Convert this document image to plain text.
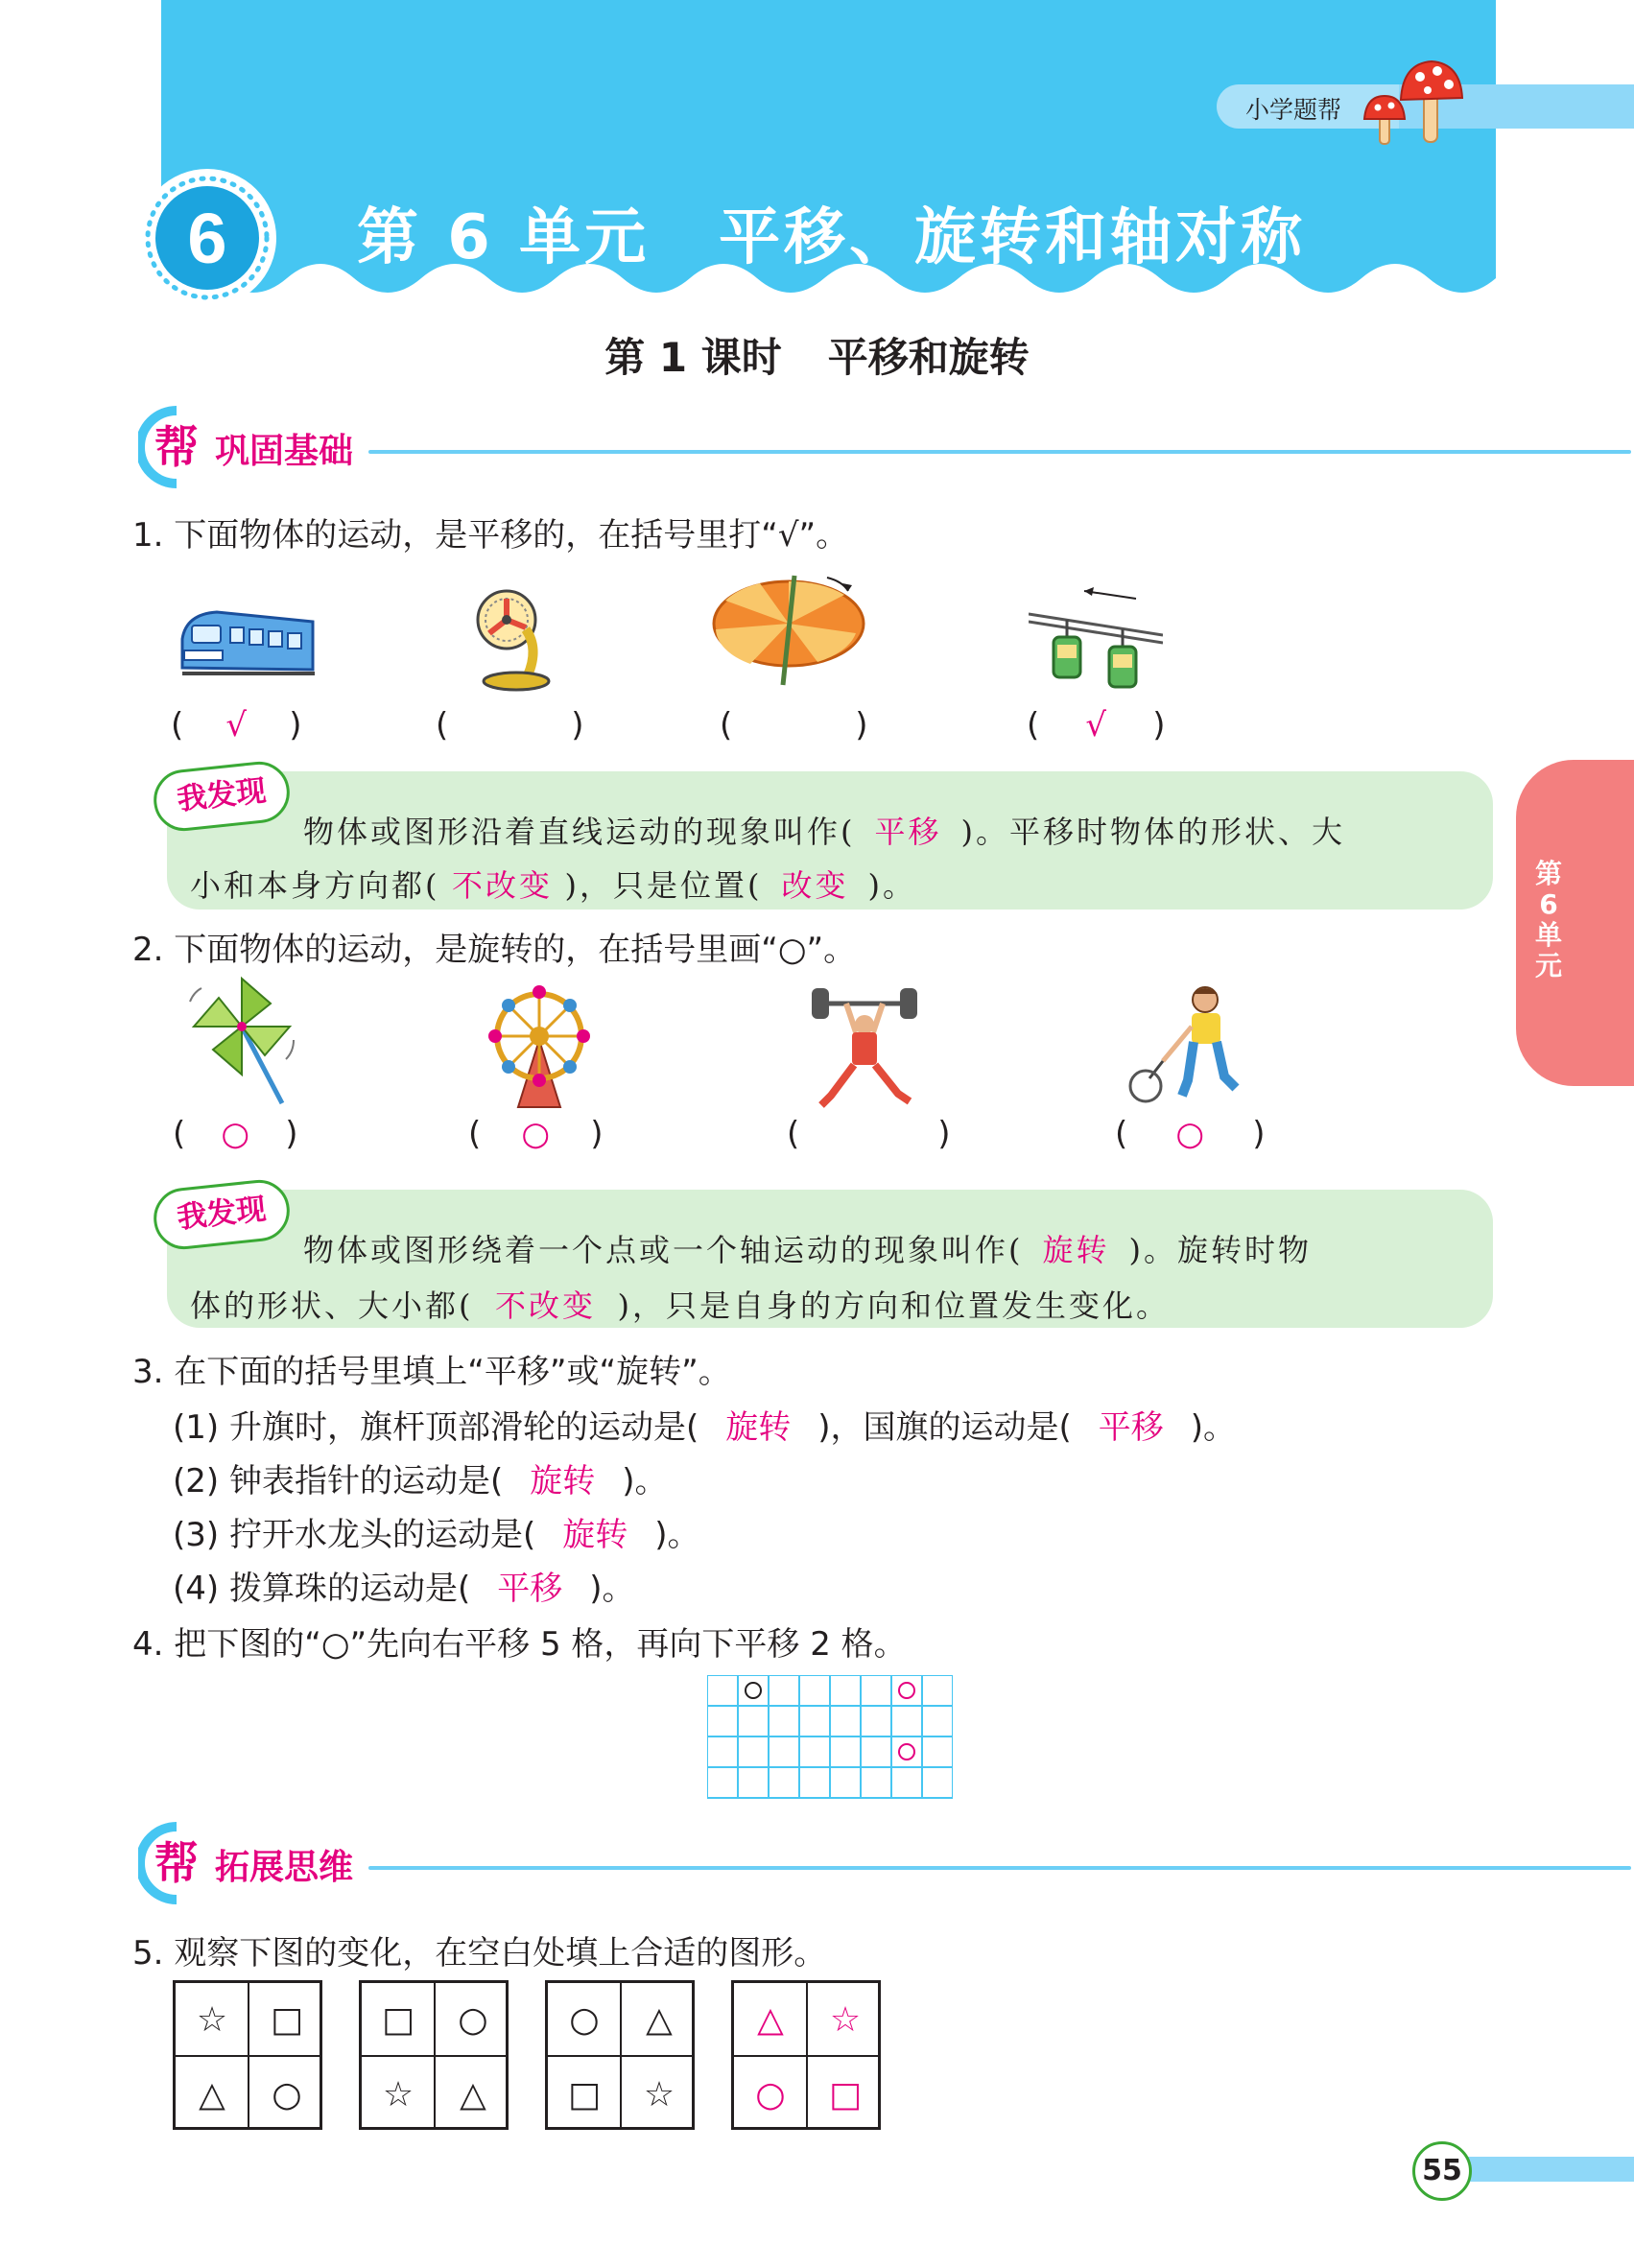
6 第 6 单元 平移、旋转和轴对称
小学题帮
第 1 课时 平移和旋转
帮 巩固基础
1. 下面物体的运动，是平移的，在括号里打“√”。
( √ )	(	)	(	)	( √ )
我发现
物体或图形沿着直线运动的现象叫作( 平移 )。平移时物体的形状、大
小和本身方向都( 不改变 )，只是位置( 改变 )。
2. 下面物体的运动，是旋转的，在括号里画“○”。
( ○ )	( ○ )	(	)	( ○ )
我发现
物体或图形绕着一个点或一个轴运动的现象叫作( 旋转 )。旋转时物
体的形状、大小都( 不改变 )，只是自身的方向和位置发生变化。
3. 在下面的括号里填上“平移”或“旋转”。
(1) 升旗时，旗杆顶部滑轮的运动是( 旋转 )，国旗的运动是( 平移 )。
(2) 钟表指针的运动是( 旋转 )。
(3) 拧开水龙头的运动是( 旋转 )。
(4) 拨算珠的运动是( 平移 )。
4. 把下图的“○”先向右平移 5 格，再向下平移 2 格。
帮 拓展思维
5. 观察下图的变化，在空白处填上合适的图形。
☆	□
△	○
□	○
☆	△
○	△
□	☆
△	☆
○	□
第6单元
55
